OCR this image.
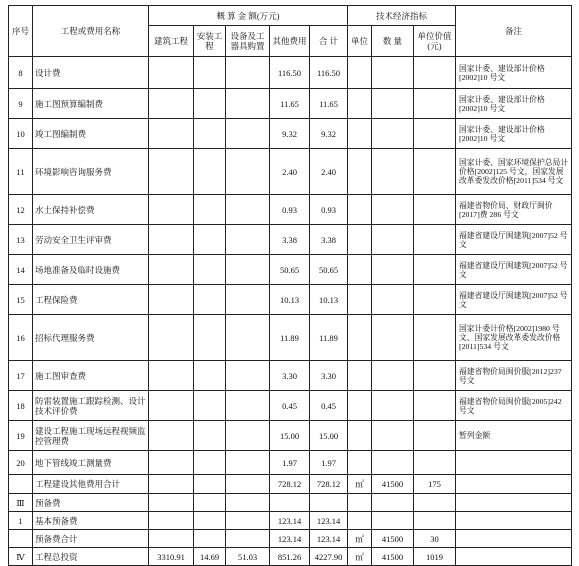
序号	工程或费用名称	概 算 金 额(万元)					技术经济指标			备注
		建筑工程	安装工程	设备及工器具购置	其他费用	合 计	单位	数 量	单位价值(元)	
8	设计费				116.50	116.50				国家计委、建设部计价格[2002]10 号文
9	施工图预算编制费				11.65	11.65				国家计委、建设部计价格[2002]10 号文
10	竣工图编制费				9.32	9.32				国家计委、建设部计价格[2002]10 号文
11	环境影响咨询服务费				2.40	2.40				国家计委、国家环境保护总局计价格[2002]125 号文，国家发展改革委发改价格[2011]534 号文
12	水土保持补偿费				0.93	0.93				福建省物价局、财政厅闽价[2017]费 286 号文
13	劳动安全卫生评审费				3.38	3.38				福建省建设厅闽建筑[2007]52 号文
14	场地准备及临时设施费				50.65	50.65				福建省建设厅闽建筑[2007]52 号文
15	工程保险费				10.13	10.13				福建省建设厅闽建筑[2007]52 号文
16	招标代理服务费				11.89	11.89				国家计委计价格[2002]1980 号文、国家发展改革委发改价格[2011]534 号文
17	施工图审查费				3.30	3.30				福建省物价局闽价服[2012]237 号文
18	防雷装置施工跟踪检测、设计技术评价费				0.45	0.45				福建省物价局闽价服[2005]242 号文
19	建设工程施工现场远程视频监控管理费				15.00	15.00				暂列金额
20	地下管线竣工测量费				1.97	1.97				
	工程建设其他费用合计				728.12	728.12	㎡	41500	175	
Ⅲ	预备费									
1	基本预备费				123.14	123.14				
	预备费合计				123.14	123.14	㎡	41500	30	
Ⅳ	工程总投资	3310.91	14.69	51.03	851.26	4227.90	㎡	41500	1019	
